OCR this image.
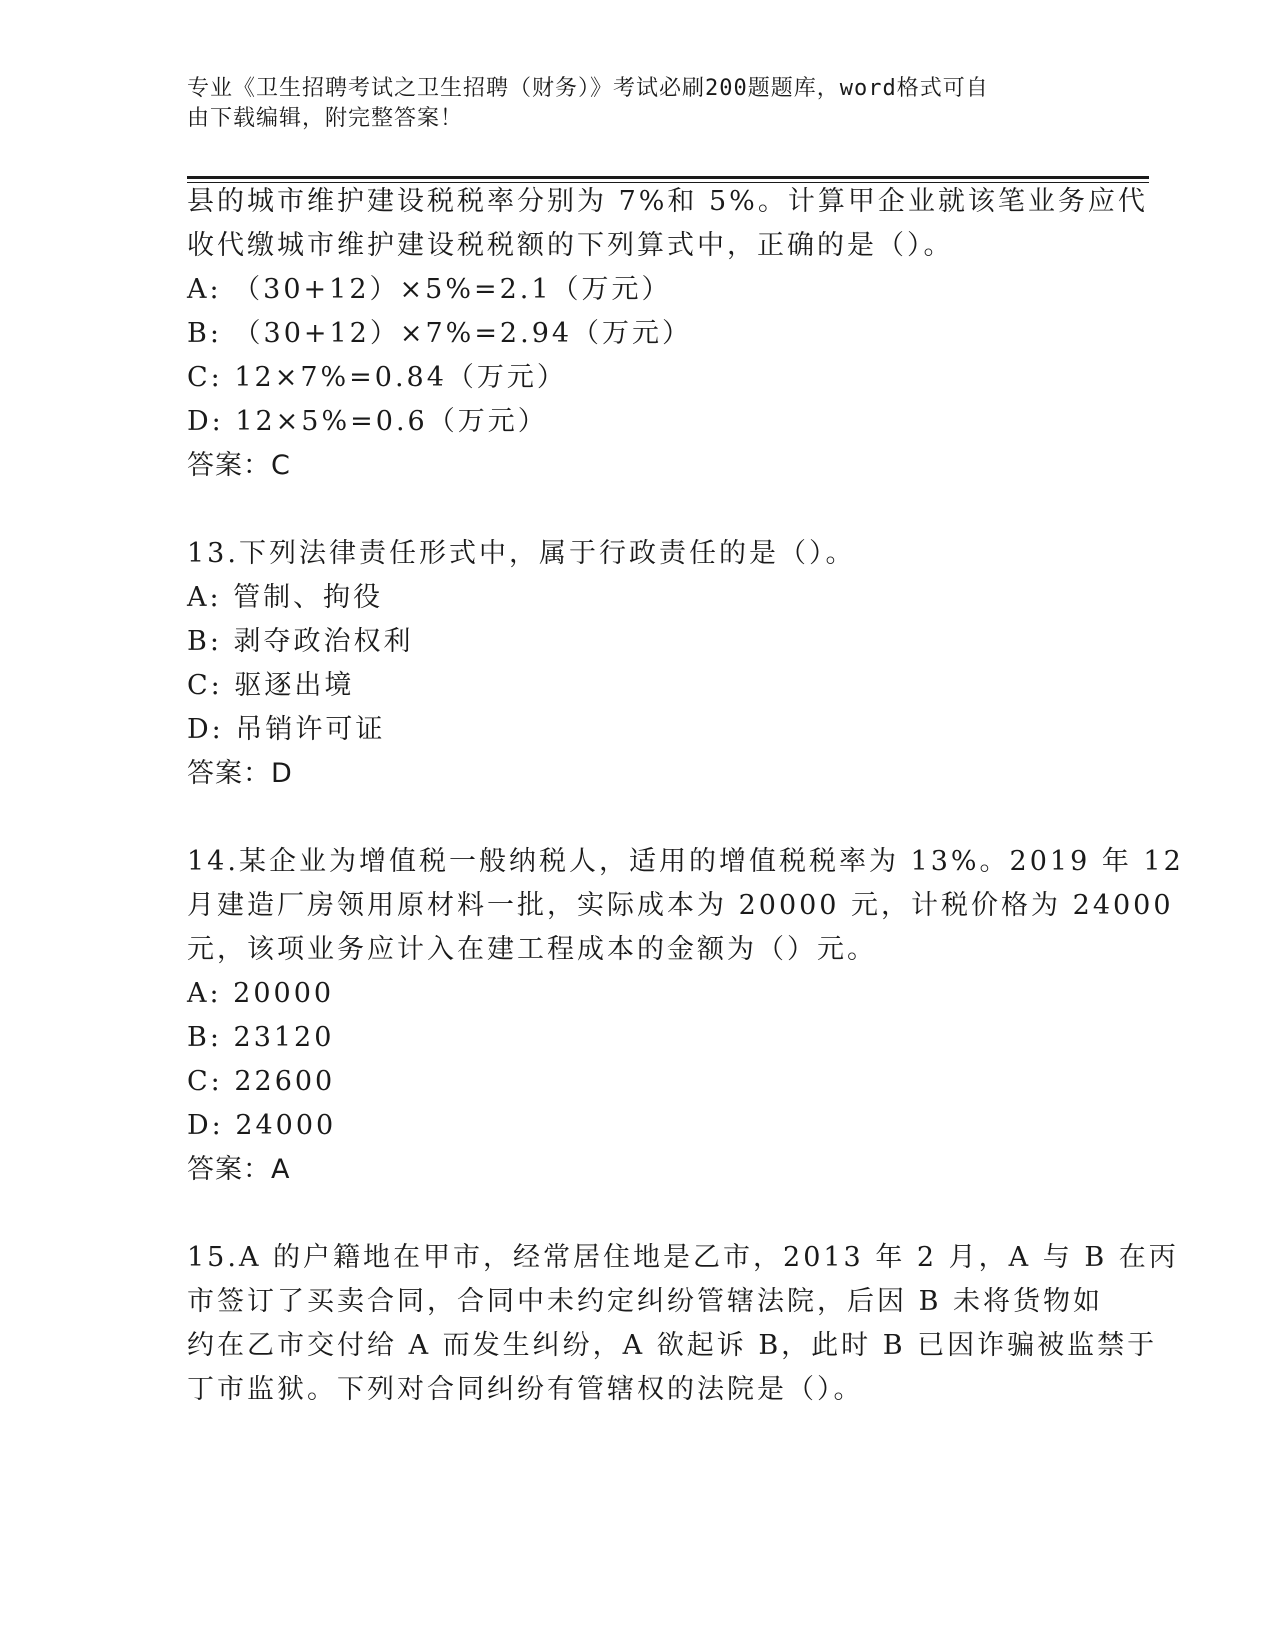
专业《卫生招聘考试之卫生招聘（财务）》考试必刷200题题库，word格式可自
由下载编辑，附完整答案！
县的城市维护建设税税率分别为 7%和 5%。计算甲企业就该笔业务应代
收代缴城市维护建设税税额的下列算式中，正确的是（）。
A: （30+12）×5%=2.1（万元）
B: （30+12）×7%=2.94（万元）
C: 12×7%=0.84（万元）
D: 12×5%=0.6（万元）
答案：C
13.下列法律责任形式中，属于行政责任的是（）。
A: 管制、拘役
B: 剥夺政治权利
C: 驱逐出境
D: 吊销许可证
答案：D
14.某企业为增值税一般纳税人，适用的增值税税率为 13%。2019 年 12
月建造厂房领用原材料一批，实际成本为 20000 元，计税价格为 24000
元，该项业务应计入在建工程成本的金额为（）元。
A: 20000
B: 23120
C: 22600
D: 24000
答案：A
15.A 的户籍地在甲市，经常居住地是乙市，2013 年 2 月，A 与 B 在丙
市签订了买卖合同，合同中未约定纠纷管辖法院，后因 B 未将货物如
约在乙市交付给 A 而发生纠纷，A 欲起诉 B，此时 B 已因诈骗被监禁于
丁市监狱。下列对合同纠纷有管辖权的法院是（）。
